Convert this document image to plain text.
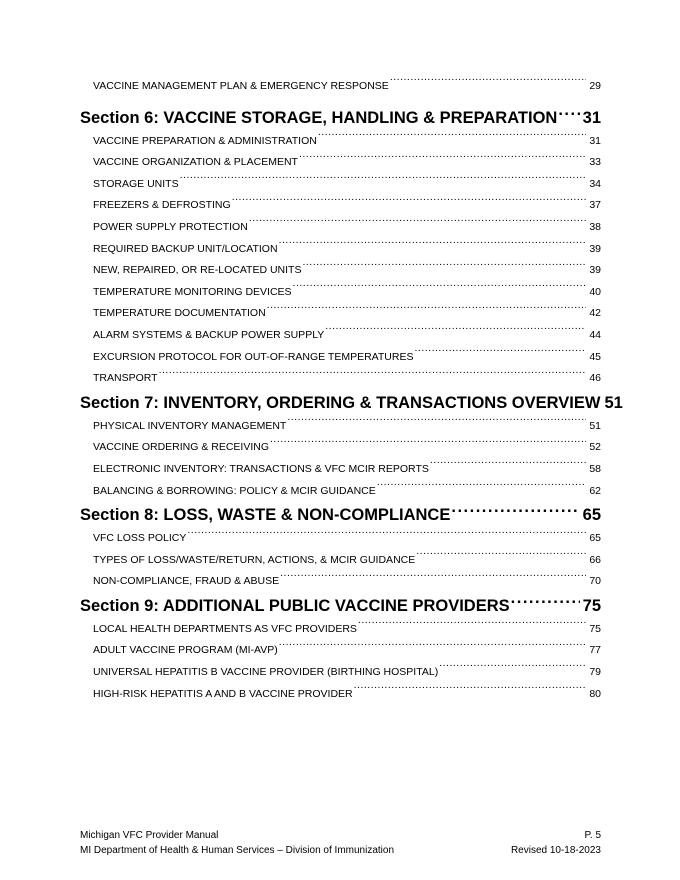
VACCINE MANAGEMENT PLAN & EMERGENCY RESPONSE .....	29
Section 6: VACCINE STORAGE, HANDLING & PREPARATION ..... 31
VACCINE PREPARATION & ADMINISTRATION .....	31
VACCINE ORGANIZATION & PLACEMENT .....	33
STORAGE UNITS .....	34
FREEZERS & DEFROSTING .....	37
POWER SUPPLY PROTECTION .....	38
REQUIRED BACKUP UNIT/LOCATION .....	39
NEW, REPAIRED, OR RE-LOCATED UNITS .....	39
TEMPERATURE MONITORING DEVICES .....	40
TEMPERATURE DOCUMENTATION .....	42
ALARM SYSTEMS & BACKUP POWER SUPPLY .....	44
EXCURSION PROTOCOL FOR OUT-OF-RANGE TEMPERATURES .....	45
TRANSPORT .....	46
Section 7: INVENTORY, ORDERING & TRANSACTIONS OVERVIEW 51
PHYSICAL INVENTORY MANAGEMENT .....	51
VACCINE ORDERING & RECEIVING .....	52
ELECTRONIC INVENTORY: TRANSACTIONS & VFC MCIR REPORTS .....	58
BALANCING & BORROWING: POLICY & MCIR GUIDANCE .....	62
Section 8: LOSS, WASTE & NON-COMPLIANCE .....	65
VFC LOSS POLICY .....	65
TYPES OF LOSS/WASTE/RETURN, ACTIONS, & MCIR GUIDANCE .....	66
NON-COMPLIANCE, FRAUD & ABUSE .....	70
Section 9: ADDITIONAL PUBLIC VACCINE PROVIDERS .....	75
LOCAL HEALTH DEPARTMENTS AS VFC PROVIDERS .....	75
ADULT VACCINE PROGRAM (MI-AVP) .....	77
UNIVERSAL HEPATITIS B VACCINE PROVIDER (BIRTHING HOSPITAL) .....	79
HIGH-RISK HEPATITIS A AND B VACCINE PROVIDER .....	80
Michigan VFC Provider Manual	P. 5
MI Department of Health & Human Services – Division of Immunization	Revised 10-18-2023
